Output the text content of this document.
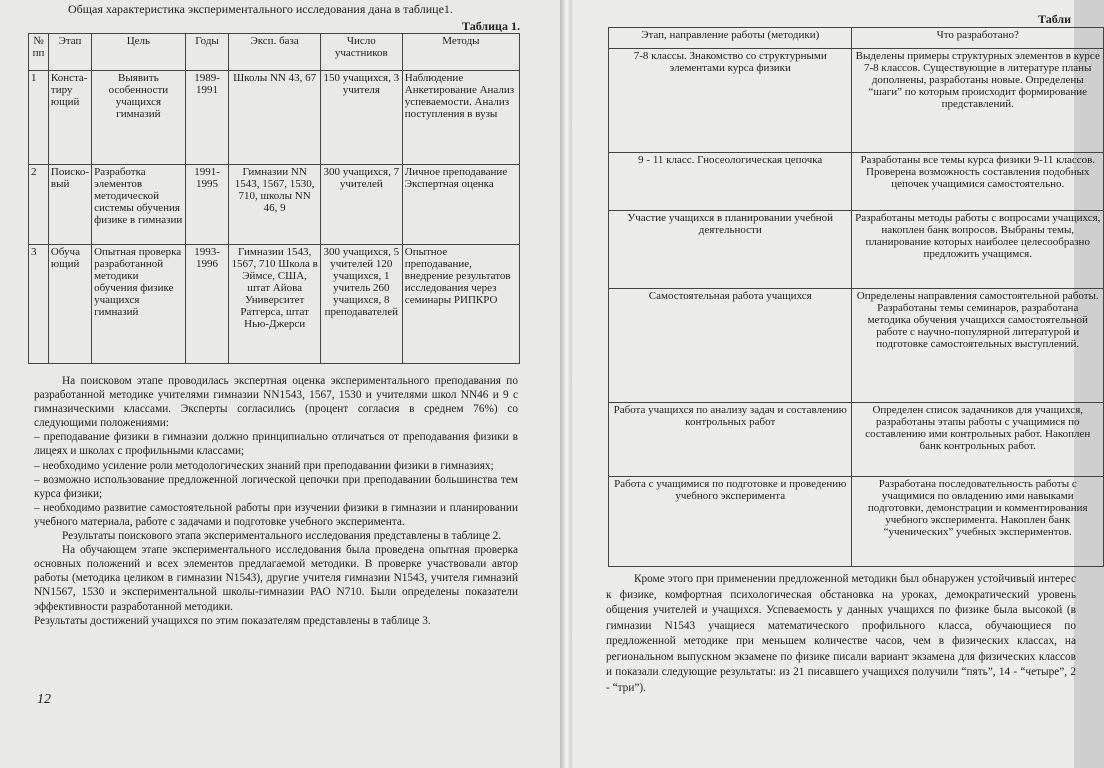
Общая характеристика экспериментального исследования дана в таблице1.
Таблица 1.
№ пп	Этап	Цель	Годы	Эксп. база	Число участников	Методы
1	Конста-тиру ющий	Выявить особенности учащихся гимназий	1989-1991	Школы NN 43, 67	150 учащихся, 3 учителя	Наблюдение Анкетирование Анализ успеваемости. Анализ поступления в вузы
2	Поиско-вый	Разработка элементов методической системы обучения физике в гимназии	1991-1995	Гимназии NN 1543, 1567, 1530, 710, школы NN 46, 9	300 учащихся, 7 учителей	Личное преподавание Экспертная оценка
3	Обуча ющий	Опытная проверка разработанной методики обучения физике учащихся гимназий	1993-1996	Гимназии 1543, 1567, 710 Школа в Эймсе, США, штат Айова Университет Ратгерса, штат Нью-Джерси	300 учащихся, 5 учителей 120 учащихся, 1 учитель 260 учащихся, 8 преподавателей	Опытное преподавание, внедрение результатов исследования через семинары РИПКРО

На поисковом этапе проводилась экспертная оценка экспериментального преподавания по разработанной методике учителями гимназии NN1543, 1567, 1530 и учителями школ NN46 и 9 с гимназическими классами. Эксперты согласились (процент согласия в среднем 76%) со следующими положениями:

– преподавание физики в гимназии должно принципиально отличаться от преподавания физики в лицеях и школах с профильными классами;

– необходимо усиление роли методологических знаний при преподавании физики в гимназиях;

– возможно использование предложенной логической цепочки при преподавании большинства тем курса физики;

– необходимо развитие самостоятельной работы при изучении физики в гимназии и планировании учебного материала, работе с задачами и подготовке учебного эксперимента.

Результаты поискового этапа экспериментального исследования представлены в таблице 2.

На обучающем этапе экспериментального исследования была проведена опытная проверка основных положений и всех элементов предлагаемой методики. В проверке участвовали автор работы (методика целиком в гимназии N1543), другие учителя гимназии N1543, учителя гимназий NN1567, 1530 и экспериментальной школы-гимназии РАО N710. Были определены показатели эффективности разработанной методики.

Результаты достижений учащихся по этим показателям представлены в таблице 3.

12
Табли
Этап, направление работы (методики)	Что разработано?
7-8 классы. Знакомство со структурными элементами курса физики	Выделены примеры структурных элементов в курсе 7-8 классов. Существующие в литературе планы дополнены, разработаны новые. Определены “шаги” по которым происходит формирование представлений.
9 - 11 класс. Гносеологическая цепочка	Разработаны все темы курса физики 9-11 классов. Проверена возможность составления подобных цепочек учащимися самостоятельно.
Участие учащихся в планировании учебной деятельности	Разработаны методы работы с вопросами учащихся, накоплен банк вопросов. Выбраны темы, планирование которых наиболее целесообразно предложить учащимся.
Самостоятельная работа учащихся	Определены направления самостоятельной работы. Разработаны темы семинаров, разработана методика обучения учащихся самостоятельной работе с научно-популярной литературой и подготовке самостоятельных выступлений.
Работа учащихся по анализу задач и составлению контрольных работ	Определен список задачников для учащихся, разработаны этапы работы с учащимися по составлению ими контрольных работ. Накоплен банк контрольных работ.
Работа с учащимися по подготовке и проведению учебного эксперимента	Разработана последовательность работы с учащимися по овладению ими навыками подготовки, демонстрации и комментирования учебного эксперимента. Накоплен банк “ученических” учебных экспериментов.

Кроме этого при применении предложенной методики был обнаружен устойчивый интерес к физике, комфортная психологическая обстановка на уроках, демократический уровень общения учителей и учащихся. Успеваемость у данных учащихся по физике была высокой (в гимназии N1543 учащиеся математического профильного класса, обучающиеся по предложенной методике при меньшем количестве часов, чем в физических классах, на региональном выпускном экзамене по физике писали вариант экзамена для физических классов и показали следующие результаты: из 21 писавшего учащихся получили “пять”, 14 - “четыре”, 2 - “три”).
